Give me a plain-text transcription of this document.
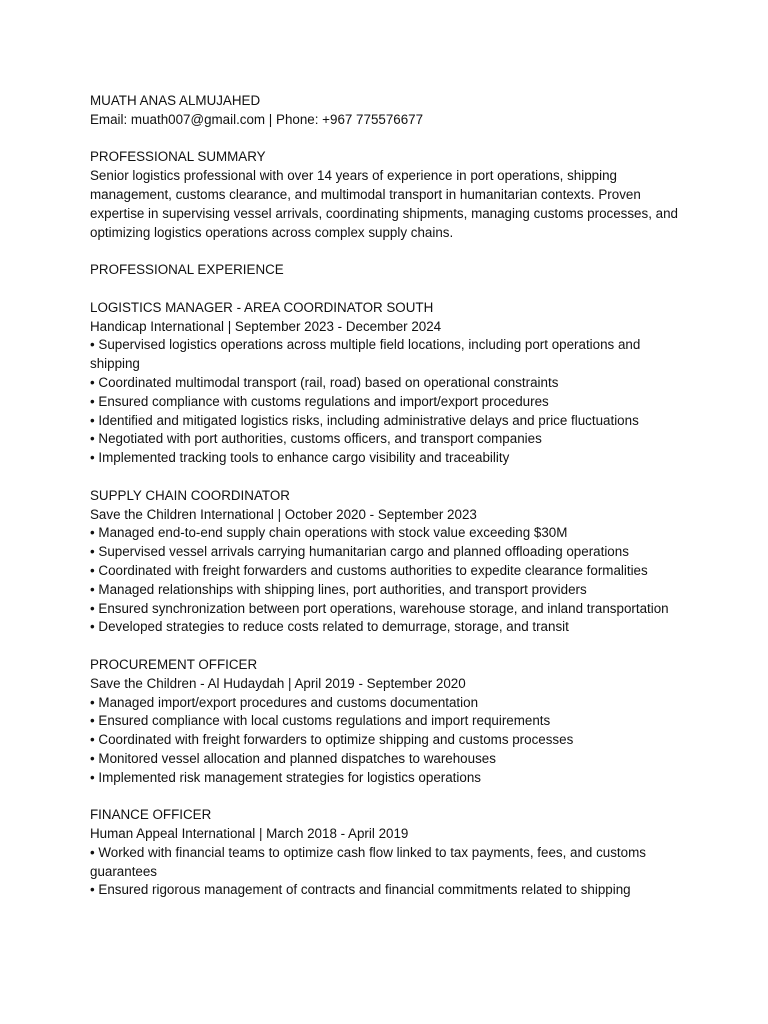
MUATH ANAS ALMUJAHED
Email: muath007@gmail.com | Phone: +967 775576677
PROFESSIONAL SUMMARY
Senior logistics professional with over 14 years of experience in port operations, shipping management, customs clearance, and multimodal transport in humanitarian contexts. Proven expertise in supervising vessel arrivals, coordinating shipments, managing customs processes, and optimizing logistics operations across complex supply chains.
PROFESSIONAL EXPERIENCE
LOGISTICS MANAGER - AREA COORDINATOR SOUTH
Handicap International | September 2023 - December 2024
• Supervised logistics operations across multiple field locations, including port operations and shipping
• Coordinated multimodal transport (rail, road) based on operational constraints
• Ensured compliance with customs regulations and import/export procedures
• Identified and mitigated logistics risks, including administrative delays and price fluctuations
• Negotiated with port authorities, customs officers, and transport companies
• Implemented tracking tools to enhance cargo visibility and traceability
SUPPLY CHAIN COORDINATOR
Save the Children International | October 2020 - September 2023
• Managed end-to-end supply chain operations with stock value exceeding $30M
• Supervised vessel arrivals carrying humanitarian cargo and planned offloading operations
• Coordinated with freight forwarders and customs authorities to expedite clearance formalities
• Managed relationships with shipping lines, port authorities, and transport providers
• Ensured synchronization between port operations, warehouse storage, and inland transportation
• Developed strategies to reduce costs related to demurrage, storage, and transit
PROCUREMENT OFFICER
Save the Children - Al Hudaydah | April 2019 - September 2020
• Managed import/export procedures and customs documentation
• Ensured compliance with local customs regulations and import requirements
• Coordinated with freight forwarders to optimize shipping and customs processes
• Monitored vessel allocation and planned dispatches to warehouses
• Implemented risk management strategies for logistics operations
FINANCE OFFICER
Human Appeal International | March 2018 - April 2019
• Worked with financial teams to optimize cash flow linked to tax payments, fees, and customs guarantees
• Ensured rigorous management of contracts and financial commitments related to shipping
